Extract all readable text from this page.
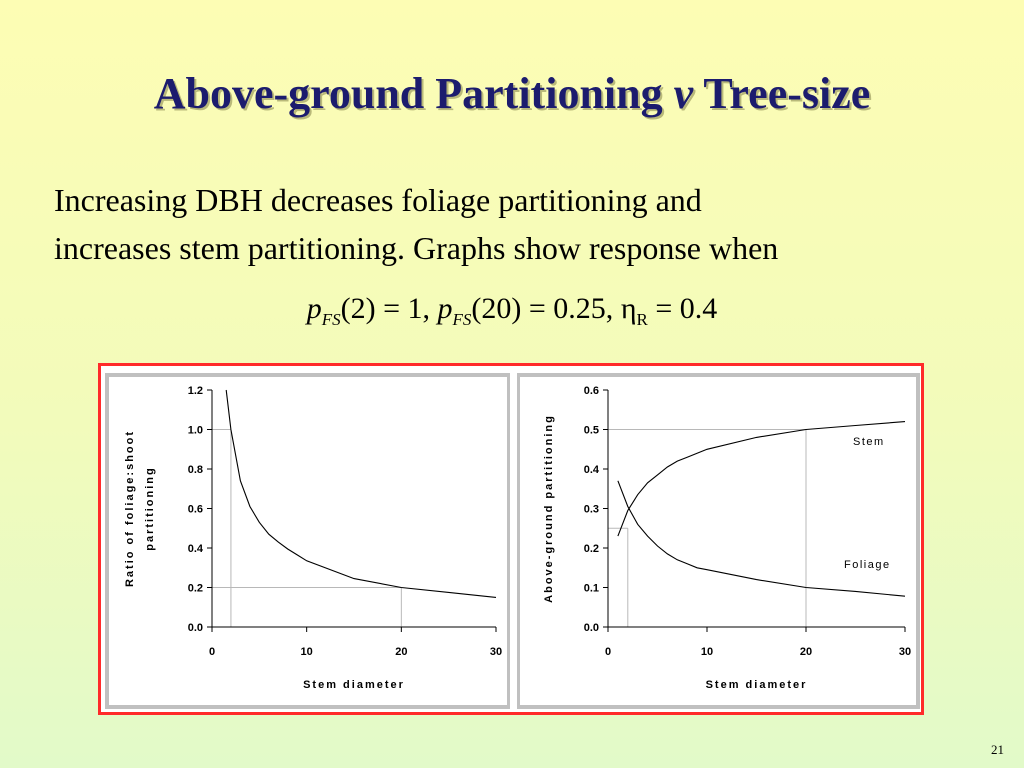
Above-ground Partitioning v Tree-size
Increasing DBH decreases foliage partitioning and
increases stem partitioning. Graphs show response when
$p_{FS}(2) = 1$, $p_{FS}(20) = 0.25$, $\eta_R = 0.4$
0.0
0.2
0.4
0.6
0.8
1.0
1.2
0	10	20	30
Stem diameter
Ratio of foliage:shoot partitioning
0.0
0.1
0.2
0.3
0.4
0.5
0.6
0	10	20	30
Stem diameter
Above-ground partitioning	Stem
Foliage
21
